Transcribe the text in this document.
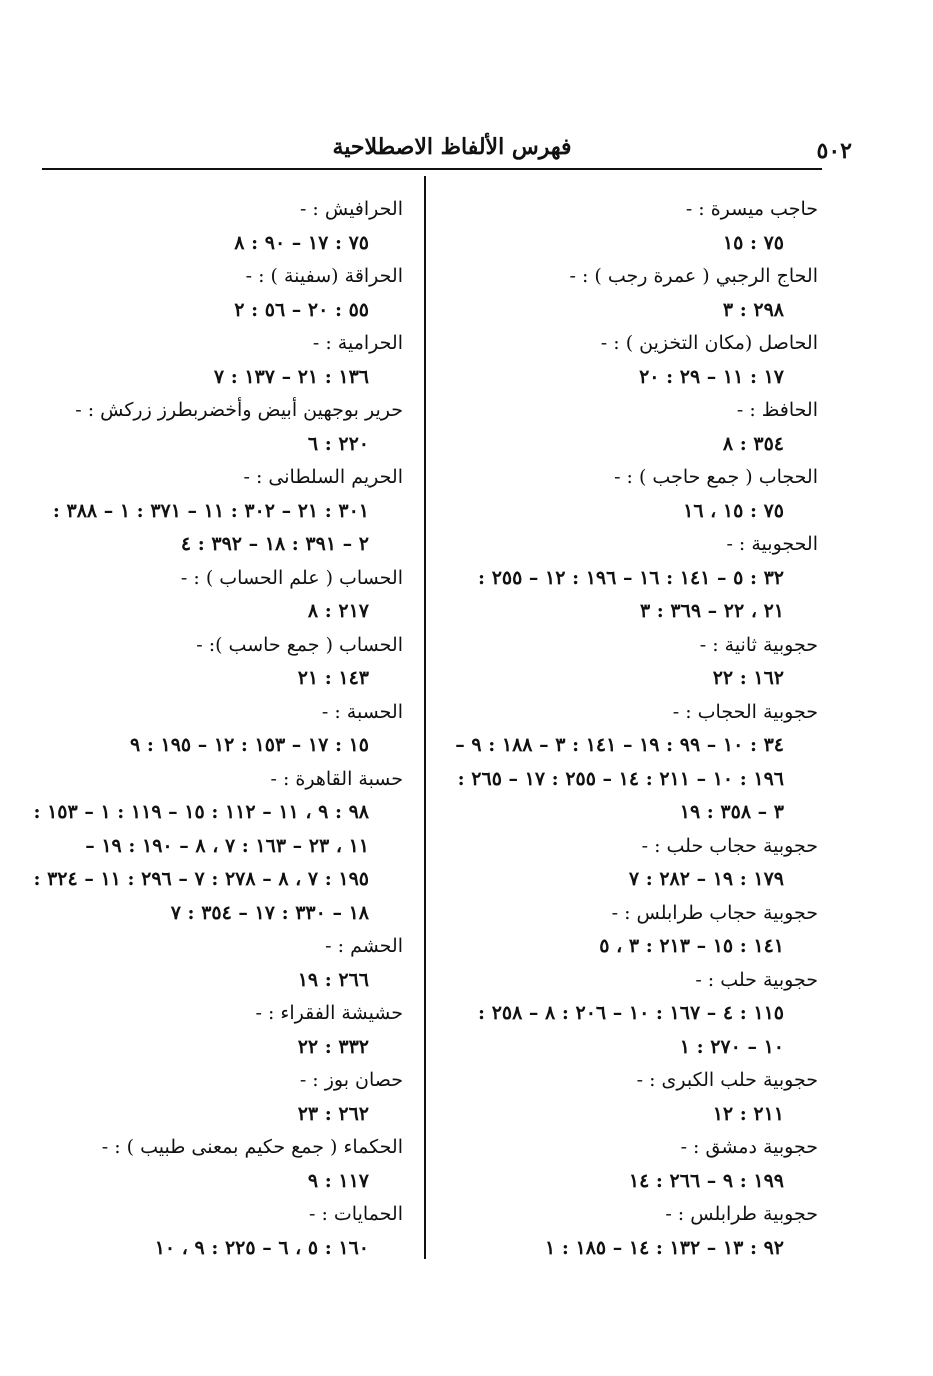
٥٠٢
فهرس الألفاظ الاصطلاحية
حاجب ميسرة : -
٧٥ : ١٥
الحاج الرجبي ( عمرة رجب ) : -
٢٩٨ : ٣
الحاصل (مكان التخزين ) : -
١٧ : ١١ – ٢٩ : ٢٠
الحافظ : -
٣٥٤ : ٨
الحجاب ( جمع حاجب ) : -
٧٥ : ١٥ ، ١٦
الحجوبية : -
٣٢ : ٥ – ١٤١ : ١٦ – ١٩٦ : ١٢ – ٢٥٥ :
٢١ ، ٢٢ – ٣٦٩ : ٣
حجوبية ثانية : -
١٦٢ : ٢٢
حجوبية الحجاب : -
٣٤ : ١٠ – ٩٩ : ١٩ – ١٤١ : ٣ – ١٨٨ : ٩ –
١٩٦ : ١٠ – ٢١١ : ١٤ – ٢٥٥ : ١٧ – ٢٦٥ :
٣ – ٣٥٨ : ١٩
حجوبية حجاب حلب : -
١٧٩ : ١٩ – ٢٨٢ : ٧
حجوبية حجاب طرابلس : -
١٤١ : ١٥ – ٢١٣ : ٣ ، ٥
حجوبية حلب : -
١١٥ : ٤ – ١٦٧ : ١٠ – ٢٠٦ : ٨ – ٢٥٨ :
١٠ – ٢٧٠ : ١
حجوبية حلب الكبرى : -
٢١١ : ١٢
حجوبية دمشق : -
١٩٩ : ٩ – ٢٦٦ : ١٤
حجوبية طرابلس : -
٩٢ : ١٣ – ١٣٢ : ١٤ – ١٨٥ : ١
الحرافيش : -
٧٥ : ١٧ – ٩٠ : ٨
الحراقة (سفينة ) : -
٥٥ : ٢٠ – ٥٦ : ٢
الحرامية : -
١٣٦ : ٢١ – ١٣٧ : ٧
حرير بوجهين أبيض وأخضربطرز زركش : -
٢٢٠ : ٦
الحريم السلطانى : -
٣٠١ : ٢١ – ٣٠٢ : ١١ – ٣٧١ : ١ – ٣٨٨ :
٢ – ٣٩١ : ١٨ – ٣٩٢ : ٤
الحساب ( علم الحساب ) : -
٢١٧ : ٨
الحساب ( جمع حاسب ): -
١٤٣ : ٢١
الحسبة : -
١٥ : ١٧ – ١٥٣ : ١٢ – ١٩٥ : ٩
حسبة القاهرة : -
٩٨ : ٩ ، ١١ – ١١٢ : ١٥ – ١١٩ : ١ – ١٥٣ :
١١ ، ٢٣ – ١٦٣ : ٧ ، ٨ – ١٩٠ : ١٩ –
١٩٥ : ٧ ، ٨ – ٢٧٨ : ٧ – ٢٩٦ : ١١ – ٣٢٤ :
١٨ – ٣٣٠ : ١٧ – ٣٥٤ : ٧
الحشم : -
٢٦٦ : ١٩
حشيشة الفقراء : -
٣٣٢ : ٢٢
حصان بوز : -
٢٦٢ : ٢٣
الحكماء ( جمع حكيم بمعنى طبيب ) : -
١١٧ : ٩
الحمايات : -
١٦٠ : ٥ ، ٦ – ٢٢٥ : ٩ ، ١٠
